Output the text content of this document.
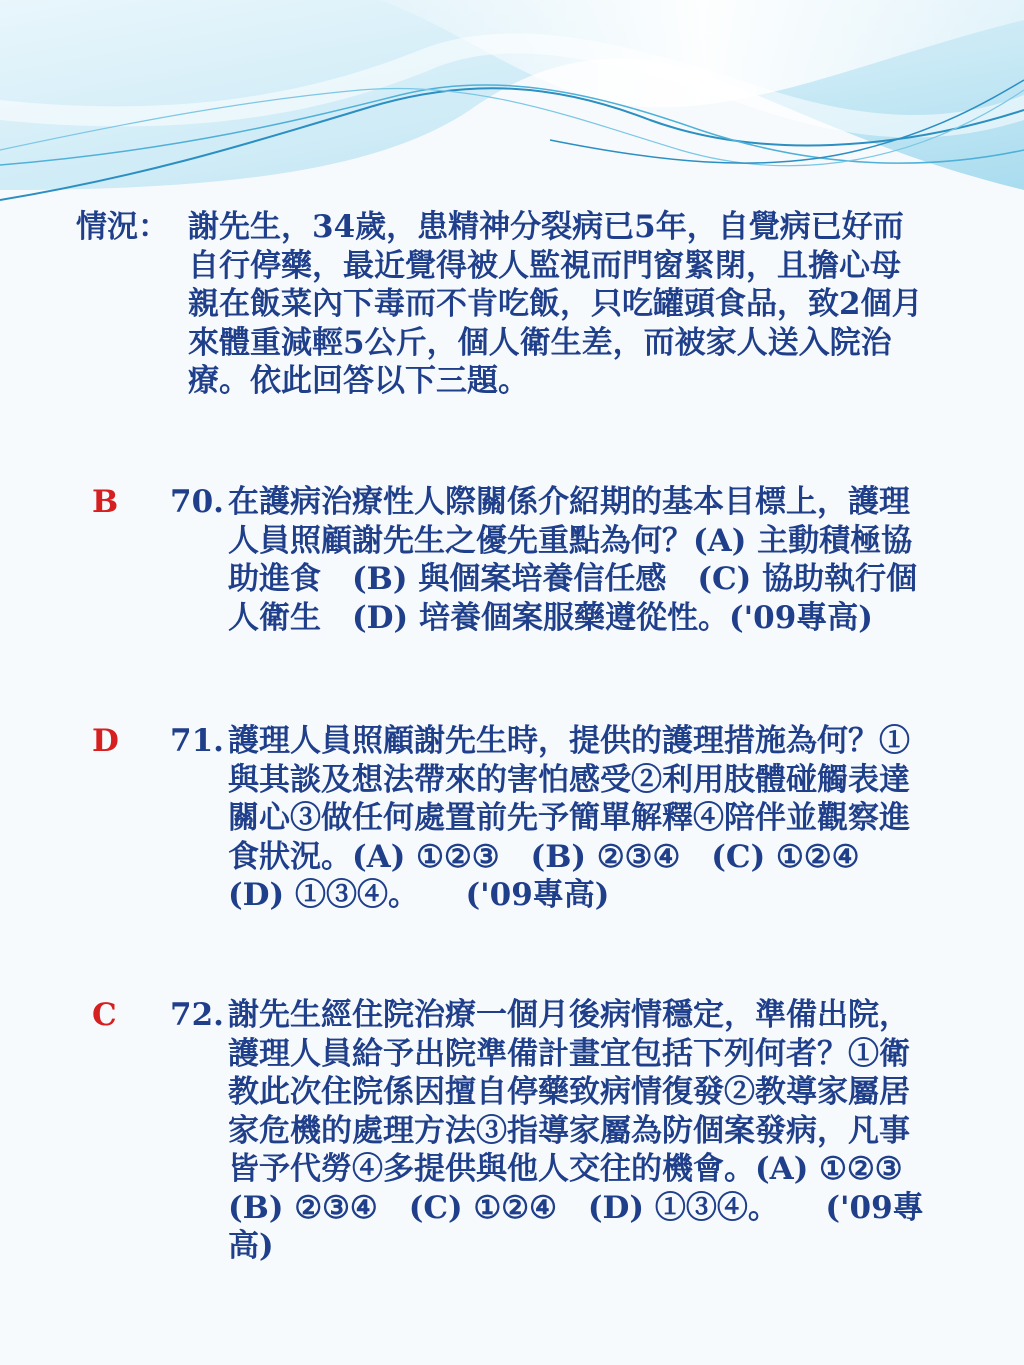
情況： 謝先生，34歲，患精神分裂病已5年，自覺病已好而自行停藥，最近覺得被人監視而門窗緊閉，且擔心母親在飯菜內下毒而不肯吃飯，只吃罐頭食品，致2個月來體重減輕5公斤，個人衛生差，而被家人送入院治療。依此回答以下三題。
B	70. 在護病治療性人際關係介紹期的基本目標上，護理人員照顧謝先生之優先重點為何？(A) 主動積極協助進食　(B) 與個案培養信任感　(C) 協助執行個人衛生　(D) 培養個案服藥遵從性。('09專高)
D	71. 護理人員照顧謝先生時，提供的護理措施為何？①與其談及想法帶來的害怕感受②利用肢體碰觸表達關心③做任何處置前先予簡單解釋④陪伴並觀察進食狀況。(A) ①②③　(B) ②③④　(C) ①②④　(D) ①③④。　　('09專高)
C	72. 謝先生經住院治療一個月後病情穩定，準備出院，護理人員給予出院準備計畫宜包括下列何者？①衛教此次住院係因擅自停藥致病情復發②教導家屬居家危機的處理方法③指導家屬為防個案發病，凡事皆予代勞④多提供與他人交往的機會。(A) ①②③　(B) ②③④　(C) ①②④　(D) ①③④。　　('09專高)
